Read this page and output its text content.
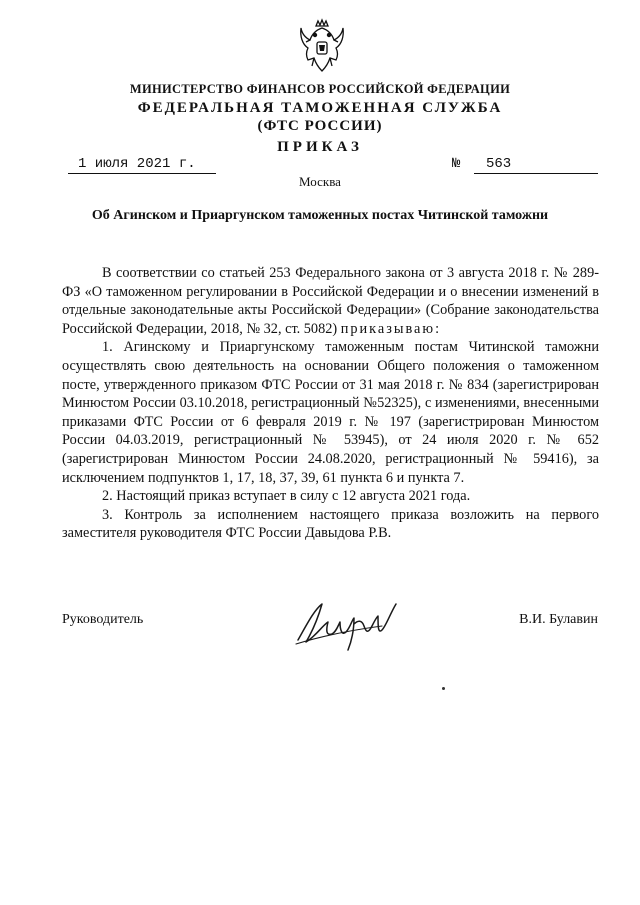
МИНИСТЕРСТВО ФИНАНСОВ РОССИЙСКОЙ ФЕДЕРАЦИИ
ФЕДЕРАЛЬНАЯ ТАМОЖЕННАЯ СЛУЖБА
(ФТС РОССИИ)
ПРИКАЗ
1 июля 2021 г.	№	563
Москва
Об Агинском и Приаргунском таможенных постах Читинской таможни

В соответствии со статьей 253 Федерального закона от 3 августа 2018 г. № 289-ФЗ «О таможенном регулировании в Российской Федерации и о внесении изменений в отдельные законодательные акты Российской Федерации» (Собрание законодательства Российской Федерации, 2018, № 32, ст. 5082) приказываю:

1. Агинскому и Приаргунскому таможенным постам Читинской таможни осуществлять свою деятельность на основании Общего положения о таможенном посте, утвержденного приказом ФТС России от 31 мая 2018 г. № 834 (зарегистрирован Минюстом России 03.10.2018, регистрационный №52325), с изменениями, внесенными приказами ФТС России от 6 февраля 2019 г. № 197 (зарегистрирован Минюстом России 04.03.2019, регистрационный № 53945), от 24 июля 2020 г. № 652 (зарегистрирован Минюстом России 24.08.2020, регистрационный № 59416), за исключением подпунктов 1, 17, 18, 37, 39, 61 пункта 6 и пункта 7.

2. Настоящий приказ вступает в силу с 12 августа 2021 года.

3. Контроль за исполнением настоящего приказа возложить на первого заместителя руководителя ФТС России Давыдова Р.В.

Руководитель	В.И. Булавин
